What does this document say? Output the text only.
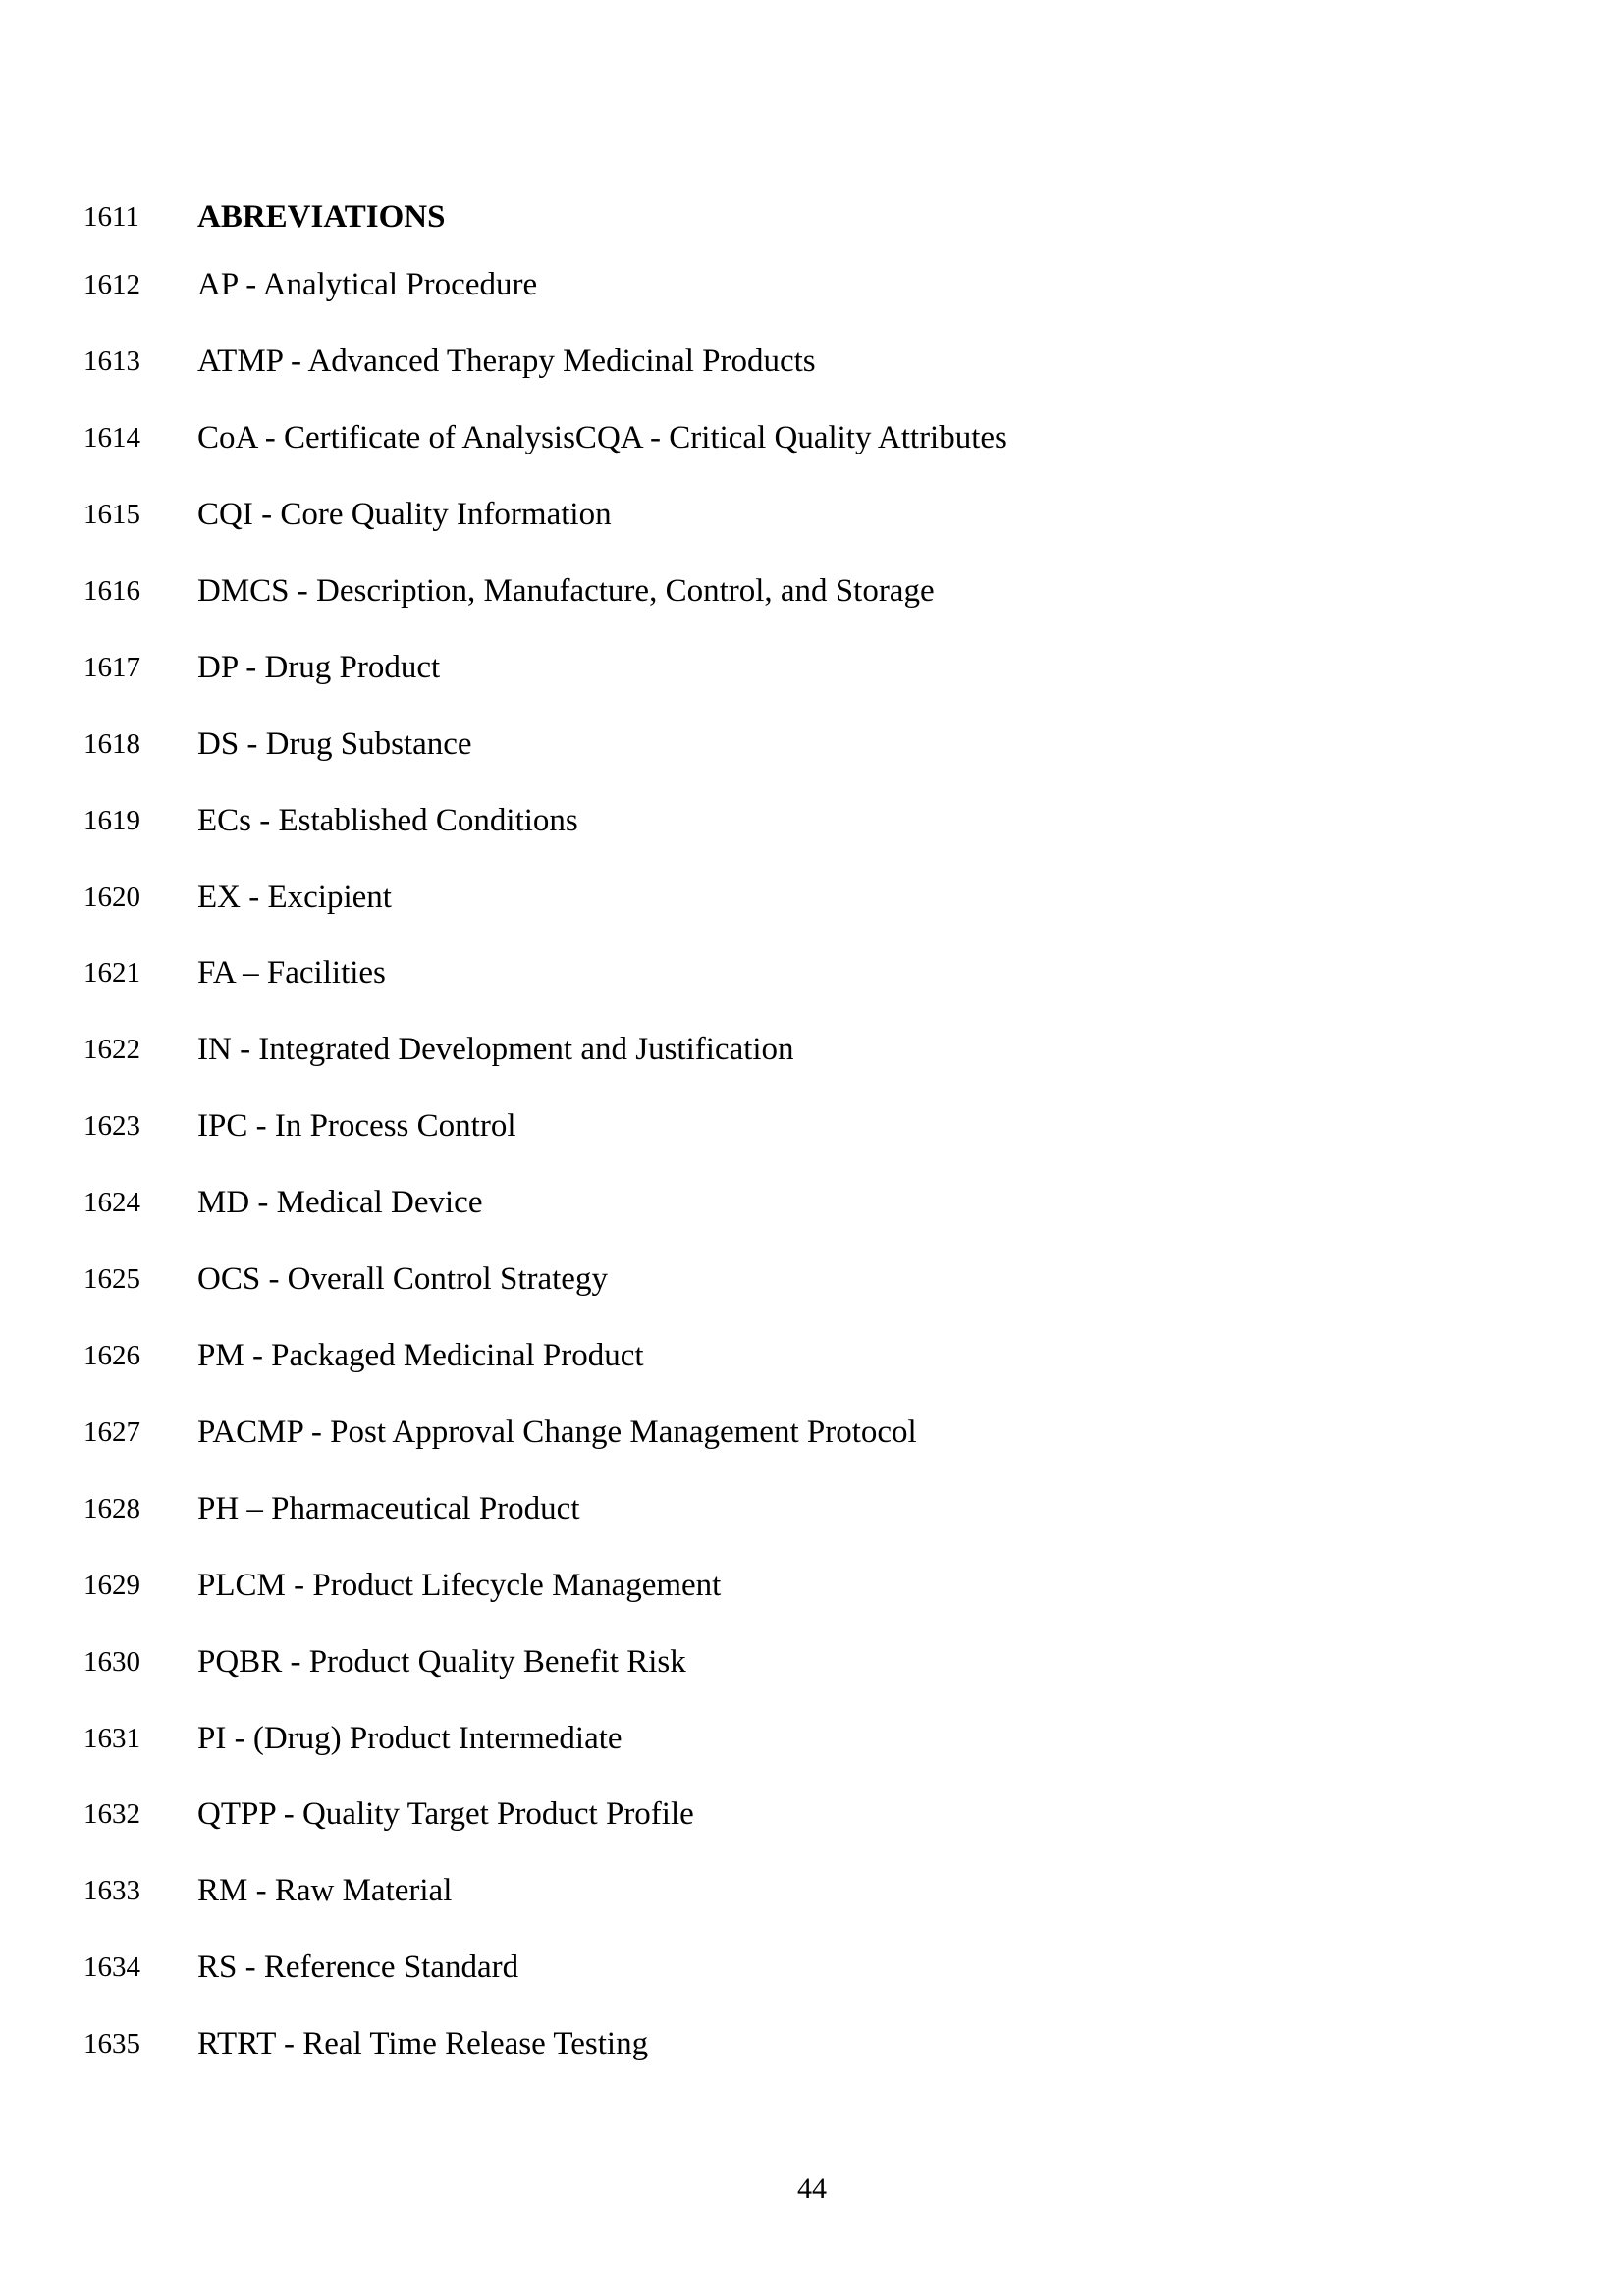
1611 ABREVIATIONS
1612 AP - Analytical Procedure
1613 ATMP - Advanced Therapy Medicinal Products
1614 CoA - Certificate of AnalysisCQA - Critical Quality Attributes
1615 CQI - Core Quality Information
1616 DMCS - Description, Manufacture, Control, and Storage
1617 DP - Drug Product
1618 DS - Drug Substance
1619 ECs - Established Conditions
1620 EX - Excipient
1621 FA – Facilities
1622 IN - Integrated Development and Justification
1623 IPC - In Process Control
1624 MD - Medical Device
1625 OCS - Overall Control Strategy
1626 PM - Packaged Medicinal Product
1627 PACMP - Post Approval Change Management Protocol
1628 PH – Pharmaceutical Product
1629 PLCM - Product Lifecycle Management
1630 PQBR - Product Quality Benefit Risk
1631 PI - (Drug) Product Intermediate
1632 QTPP - Quality Target Product Profile
1633 RM - Raw Material
1634 RS - Reference Standard
1635 RTRT - Real Time Release Testing
44
